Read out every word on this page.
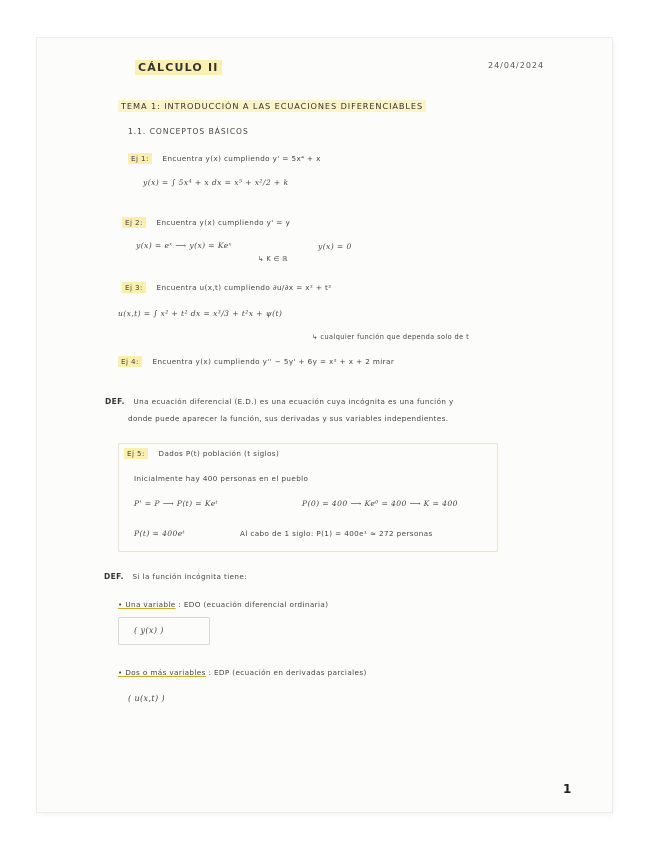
CÁLCULO II	24/04/2024
TEMA 1: INTRODUCCIÓN A LAS ECUACIONES DIFERENCIABLES
1.1. CONCEPTOS BÁSICOS
Ej 1: Encuentra y(x) cumpliendo y' = 5x⁴ + x
y(x) = ∫ 5x⁴ + x dx = x⁵ + x²/2 + k
Ej 2: Encuentra y(x) cumpliendo y' = y
y(x) = eˣ ⟶ y(x) = Keˣ	y(x) = 0
↳ K ∈ ℝ
Ej 3: Encuentra u(x,t) cumpliendo ∂u/∂x = x² + t²
u(x,t) = ∫ x² + t² dx = x³/3 + t²x + ψ(t)
↳ cualquier función que dependa solo de t
Ej 4: Encuentra y(x) cumpliendo y'' − 5y' + 6y = x² + x + 2 mirar
DEF. Una ecuación diferencial (E.D.) es una ecuación cuya incógnita es una función y
donde puede aparecer la función, sus derivadas y sus variables independientes.
Ej 5: Dados P(t) población (t siglos)
Inicialmente hay 400 personas en el pueblo
P' = P ⟶ P(t) = Keᵗ	P(0) = 400 ⟶ Ke⁰ = 400 ⟶ K = 400
P(t) = 400eᵗ	Al cabo de 1 siglo: P(1) = 400e¹ ≈ 272 personas
DEF. Si la función incógnita tiene:
• Una variable : EDO (ecuación diferencial ordinaria)
( y(x) )
• Dos o más variables : EDP (ecuación en derivadas parciales)
( u(x,t) )
1
